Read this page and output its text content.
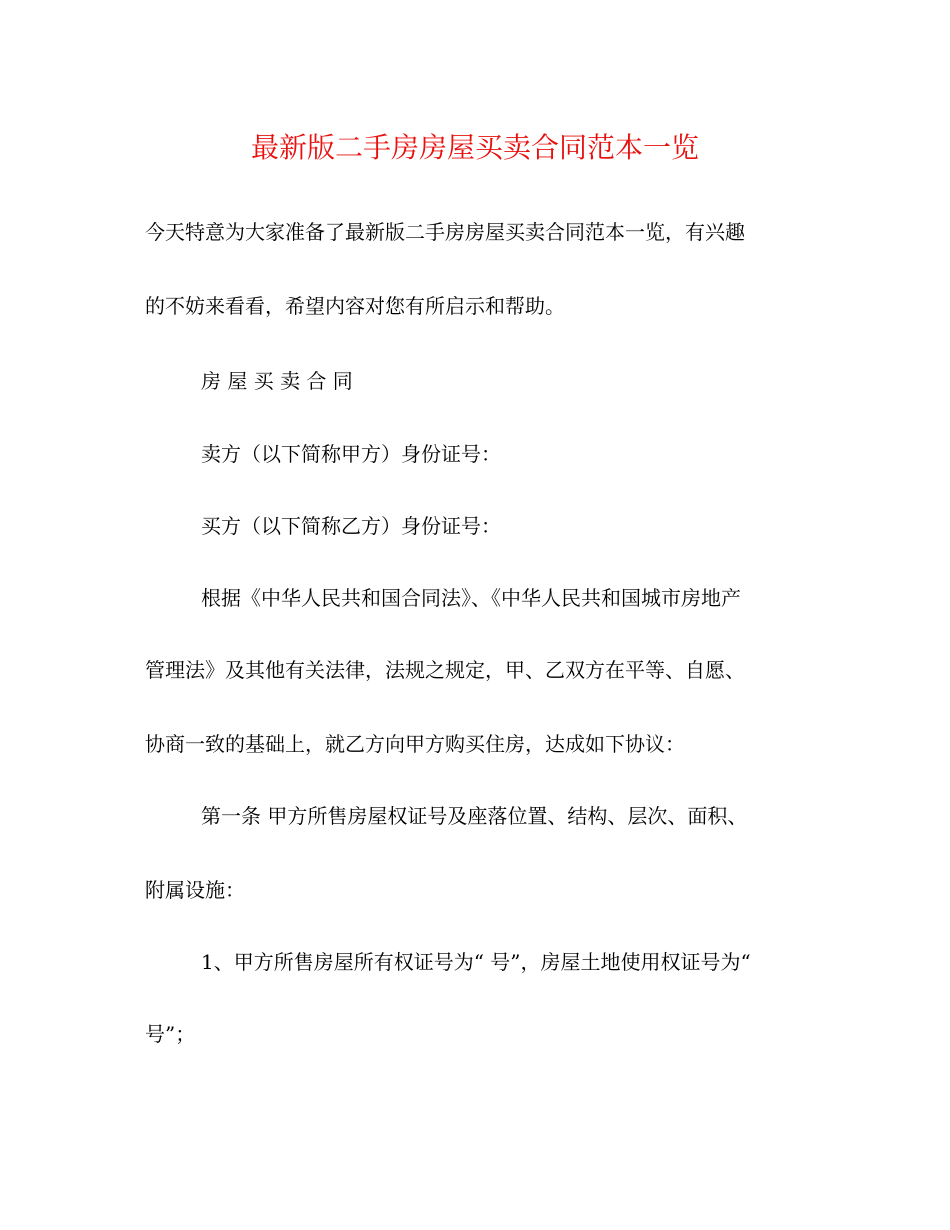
最新版二手房房屋买卖合同范本一览
今天特意为大家准备了最新版二手房房屋买卖合同范本一览，有兴趣
的不妨来看看，希望内容对您有所启示和帮助。
房 屋 买 卖 合 同
卖方（以下简称甲方）身份证号：
买方（以下简称乙方）身份证号：
根据《中华人民共和国合同法》、《中华人民共和国城市房地产
管理法》及其他有关法律，法规之规定，甲、乙双方在平等、自愿、
协商一致的基础上，就乙方向甲方购买住房，达成如下协议：
第一条 甲方所售房屋权证号及座落位置、结构、层次、面积、
附属设施：
1、甲方所售房屋所有权证号为“ 号”，房屋土地使用权证号为“
号”；
